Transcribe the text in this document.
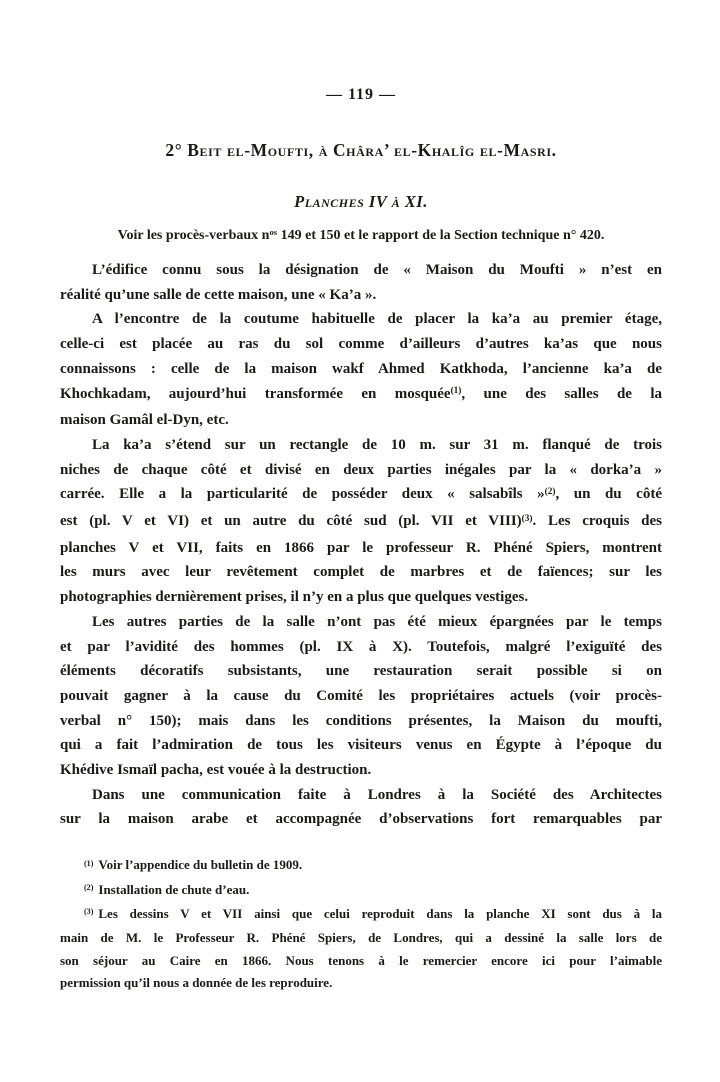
— 119 —
2° Beit el-Moufti, à Châra’ el-Khalîg el-Masri.
Planches IV à XI.
Voir les procès-verbaux $n^{os}$ 149 et 150 et le rapport de la Section technique n° 420.
L’édifice connu sous la désignation de « Maison du Moufti » n’est en
réalité qu’une salle de cette maison, une « Ka’a ».
A l’encontre de la coutume habituelle de placer la ka’a au premier étage,
celle-ci est placée au ras du sol comme d’ailleurs d’autres ka’as que nous
connaissons : celle de la maison wakf Ahmed Katkhoda, l’ancienne ka’a de
Khochkadam, aujourd’hui transformée en mosquée$^{(1)}$, une des salles de la
maison Gamâl el-Dyn, etc.
La ka’a s’étend sur un rectangle de 10 m. sur 31 m. flanqué de trois
niches de chaque côté et divisé en deux parties inégales par la « dorka’a »
carrée. Elle a la particularité de posséder deux « salsabîls »$^{(2)}$, un du côté
est (pl. V et VI) et un autre du côté sud (pl. VII et VIII)$^{(3)}$. Les croquis des
planches V et VII, faits en 1866 par le professeur R. Phéné Spiers, montrent
les murs avec leur revêtement complet de marbres et de faïences; sur les
photographies dernièrement prises, il n’y en a plus que quelques vestiges.
Les autres parties de la salle n’ont pas été mieux épargnées par le temps
et par l’avidité des hommes (pl. IX à X). Toutefois, malgré l’exiguïté des
éléments décoratifs subsistants, une restauration serait possible si on
pouvait gagner à la cause du Comité les propriétaires actuels (voir procès-
verbal n° 150); mais dans les conditions présentes, la Maison du moufti,
qui a fait l’admiration de tous les visiteurs venus en Égypte à l’époque du
Khédive Ismaïl pacha, est vouée à la destruction.
Dans une communication faite à Londres à la Société des Architectes
sur la maison arabe et accompagnée d’observations fort remarquables par
$^{(1)}$ Voir l’appendice du bulletin de 1909.
$^{(2)}$ Installation de chute d’eau.
$^{(3)}$ Les dessins V et VII ainsi que celui reproduit dans la planche XI sont dus à la
main de M. le Professeur R. Phéné Spiers, de Londres, qui a dessiné la salle lors de
son séjour au Caire en 1866. Nous tenons à le remercier encore ici pour l’aimable
permission qu’il nous a donnée de les reproduire.
